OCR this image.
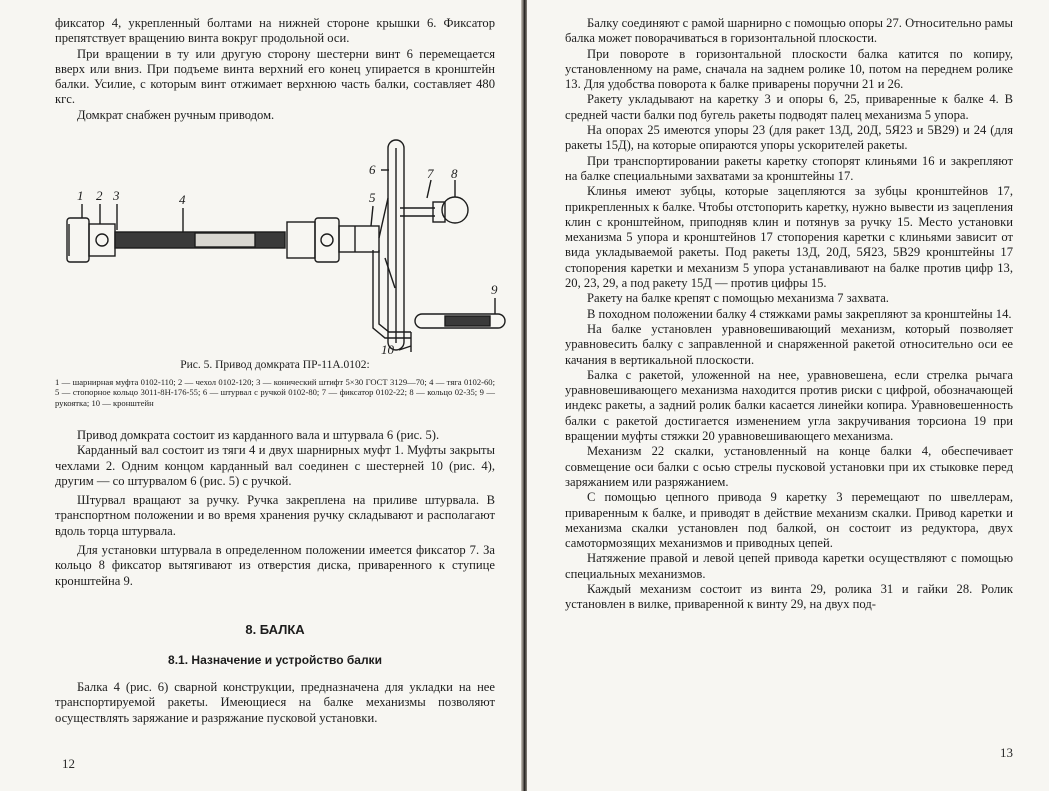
фиксатор 4, укрепленный болтами на нижней стороне крышки 6. Фиксатор препятствует вращению винта вокруг продольной оси.

При вращении в ту или другую сторону шестерни винт 6 перемещается вверх или вниз. При подъеме винта верхний его конец упирается в кронштейн балки. Усилие, с которым винт отжимает верхнюю часть балки, составляет 480 кгс.

Домкрат снабжен ручным приводом.

1 2 3	4	5
6	7 8
9
10
Рис. 5. Привод домкрата ПР-11А.0102:
1 — шарнирная муфта 0102-110; 2 — чехол 0102-120; 3 — конический штифт 5×30 ГОСТ 3129—70; 4 — тяга 0102-60; 5 — стопорное кольцо 3011-8Н-176-55; 6 — штурвал с ручкой 0102-80; 7 — фиксатор 0102-22; 8 — кольцо 02-35; 9 — рукоятка; 10 — кронштейн

Привод домкрата состоит из карданного вала и штурвала 6 (рис. 5).

Карданный вал состоит из тяги 4 и двух шарнирных муфт 1. Муфты закрыты чехлами 2. Одним концом карданный вал соединен с шестерней 10 (рис. 4), другим — со штурвалом 6 (рис. 5) с ручкой.

Штурвал вращают за ручку. Ручка закреплена на приливе штурвала. В транспортном положении и во время хранения ручку складывают и располагают вдоль торца штурвала.

Для установки штурвала в определенном положении имеется фиксатор 7. За кольцо 8 фиксатор вытягивают из отверстия диска, приваренного к ступице кронштейна 9.

8. БАЛКА
8.1. Назначение и устройство балки

Балка 4 (рис. 6) сварной конструкции, предназначена для укладки на нее транспортируемой ракеты. Имеющиеся на балке механизмы позволяют осуществлять заряжание и разряжание пусковой установки.

12

Балку соединяют с рамой шарнирно с помощью опоры 27. Относительно рамы балка может поворачиваться в горизонтальной плоскости.

При повороте в горизонтальной плоскости балка катится по копиру, установленному на раме, сначала на заднем ролике 10, потом на переднем ролике 13. Для удобства поворота к балке приварены поручни 21 и 26.

Ракету укладывают на каретку 3 и опоры 6, 25, приваренные к балке 4. В средней части балки под бугель ракеты подводят палец механизма 5 упора.

На опорах 25 имеются упоры 23 (для ракет 13Д, 20Д, 5Я23 и 5В29) и 24 (для ракеты 15Д), на которые опираются упоры ускорителей ракеты.

При транспортировании ракеты каретку стопорят клиньями 16 и закрепляют на балке специальными захватами за кронштейны 17.

Клинья имеют зубцы, которые зацепляются за зубцы кронштейнов 17, прикрепленных к балке. Чтобы отстопорить каретку, нужно вывести из зацепления клин с кронштейном, приподняв клин и потянув за ручку 15. Место установки механизма 5 упора и кронштейнов 17 стопорения каретки с клиньями зависит от вида укладываемой ракеты. Под ракеты 13Д, 20Д, 5Я23, 5В29 кронштейны 17 стопорения каретки и механизм 5 упора устанавливают на балке против цифр 13, 20, 23, 29, а под ракету 15Д — против цифры 15.

Ракету на балке крепят с помощью механизма 7 захвата.

В походном положении балку 4 стяжками рамы закрепляют за кронштейны 14.

На балке установлен уравновешивающий механизм, который позволяет уравновесить балку с заправленной и снаряженной ракетой относительно оси ее качания в вертикальной плоскости.

Балка с ракетой, уложенной на нее, уравновешена, если стрелка рычага уравновешивающего механизма находится против риски с цифрой, обозначающей индекс ракеты, а задний ролик балки касается линейки копира. Уравновешенность балки с ракетой достигается изменением угла закручивания торсиона 19 при вращении муфты стяжки 20 уравновешивающего механизма.

Механизм 22 скалки, установленный на конце балки 4, обеспечивает совмещение оси балки с осью стрелы пусковой установки при их стыковке перед заряжанием или разряжанием.

С помощью цепного привода 9 каретку 3 перемещают по швеллерам, приваренным к балке, и приводят в действие механизм скалки. Привод каретки и механизма скалки установлен под балкой, он состоит из редуктора, двух самотормозящих механизмов и приводных цепей.

Натяжение правой и левой цепей привода каретки осуществляют с помощью специальных механизмов.

Каждый механизм состоит из винта 29, ролика 31 и гайки 28. Ролик установлен в вилке, приваренной к винту 29, на двух под-

13
